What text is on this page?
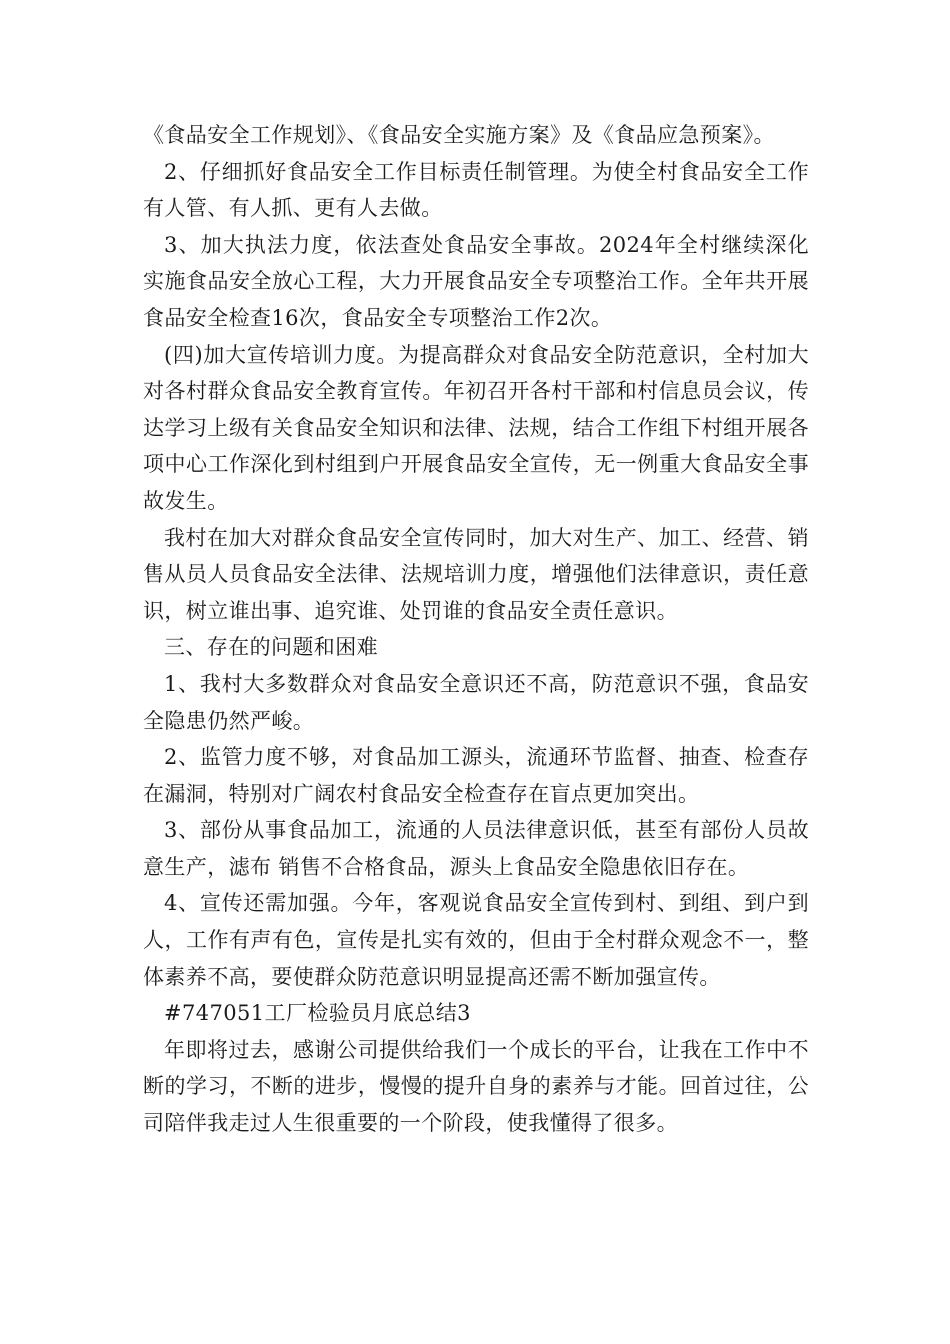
《食品安全工作规划》、《食品安全实施方案》及《食品应急预案》。

2、仔细抓好食品安全工作目标责任制管理。为使全村食品安全工作有人管、有人抓、更有人去做。

3、加大执法力度，依法查处食品安全事故。2024年全村继续深化实施食品安全放心工程，大力开展食品安全专项整治工作。全年共开展食品安全检查16次，食品安全专项整治工作2次。

(四)加大宣传培训力度。为提高群众对食品安全防范意识，全村加大对各村群众食品安全教育宣传。年初召开各村干部和村信息员会议，传达学习上级有关食品安全知识和法律、法规，结合工作组下村组开展各项中心工作深化到村组到户开展食品安全宣传，无一例重大食品安全事故发生。

我村在加大对群众食品安全宣传同时，加大对生产、加工、经营、销售从员人员食品安全法律、法规培训力度，增强他们法律意识，责任意识，树立谁出事、追究谁、处罚谁的食品安全责任意识。

三、存在的问题和困难

1、我村大多数群众对食品安全意识还不高，防范意识不强，食品安全隐患仍然严峻。

2、监管力度不够，对食品加工源头，流通环节监督、抽查、检查存在漏洞，特别对广阔农村食品安全检查存在盲点更加突出。

3、部份从事食品加工，流通的人员法律意识低，甚至有部份人员故意生产，滤布 销售不合格食品，源头上食品安全隐患依旧存在。

4、宣传还需加强。今年，客观说食品安全宣传到村、到组、到户到人，工作有声有色，宣传是扎实有效的，但由于全村群众观念不一，整体素养不高，要使群众防范意识明显提高还需不断加强宣传。

#747051工厂检验员月底总结3

年即将过去，感谢公司提供给我们一个成长的平台，让我在工作中不断的学习，不断的进步，慢慢的提升自身的素养与才能。回首过往，公司陪伴我走过人生很重要的一个阶段，使我懂得了很多。
